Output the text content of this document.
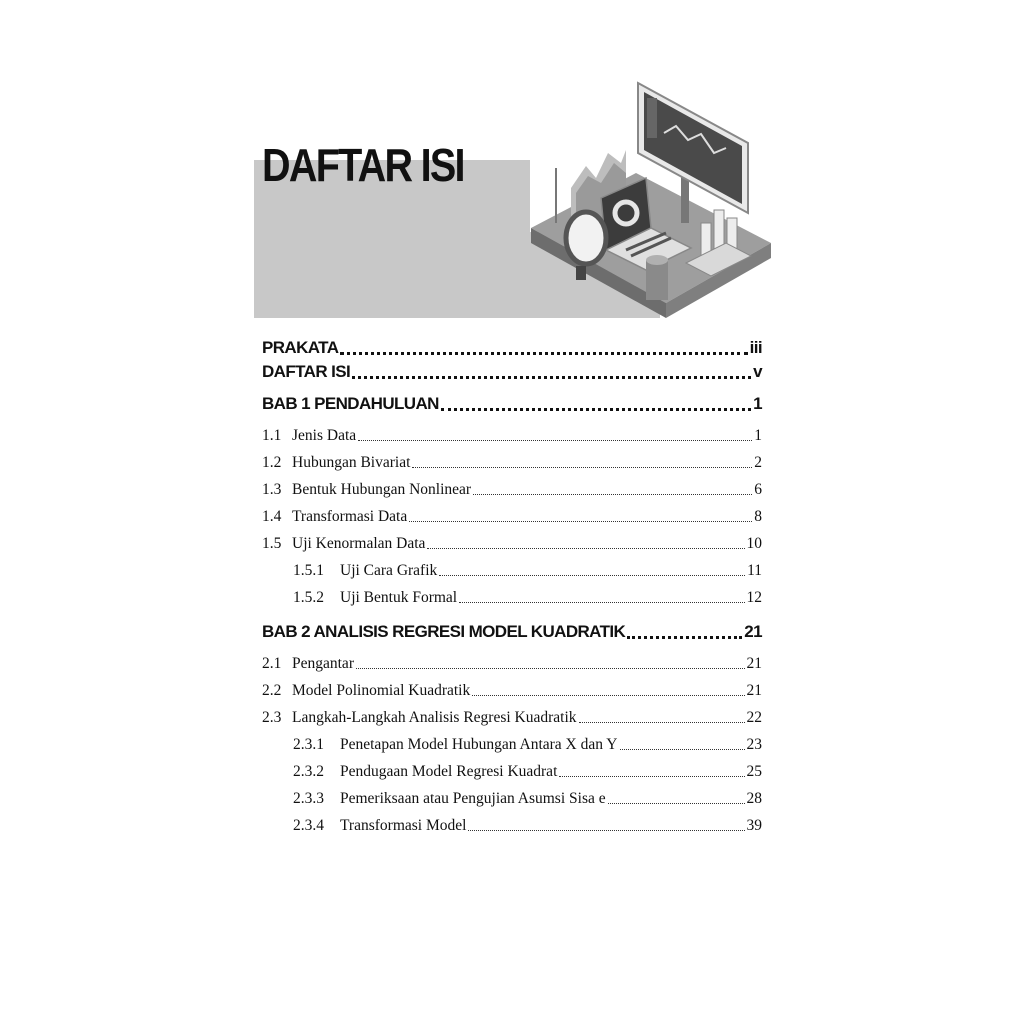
DAFTAR ISI
PRAKATA	iii
DAFTAR ISI	v
BAB 1 PENDAHULUAN	1
1.1 Jenis Data	1
1.2 Hubungan Bivariat	2
1.3 Bentuk Hubungan Nonlinear	6
1.4 Transformasi Data	8
1.5 Uji Kenormalan Data	10
1.5.1	Uji Cara Grafik	11
1.5.2	Uji Bentuk Formal	12
BAB 2 ANALISIS REGRESI MODEL KUADRATIK	21
2.1 Pengantar	21
2.2 Model Polinomial Kuadratik	21
2.3 Langkah-Langkah Analisis Regresi Kuadratik	22
2.3.1	Penetapan Model Hubungan Antara X dan Y	23
2.3.2	Pendugaan Model Regresi Kuadrat	25
2.3.3	Pemeriksaan atau Pengujian Asumsi Sisa e	28
2.3.4	Transformasi Model	39
